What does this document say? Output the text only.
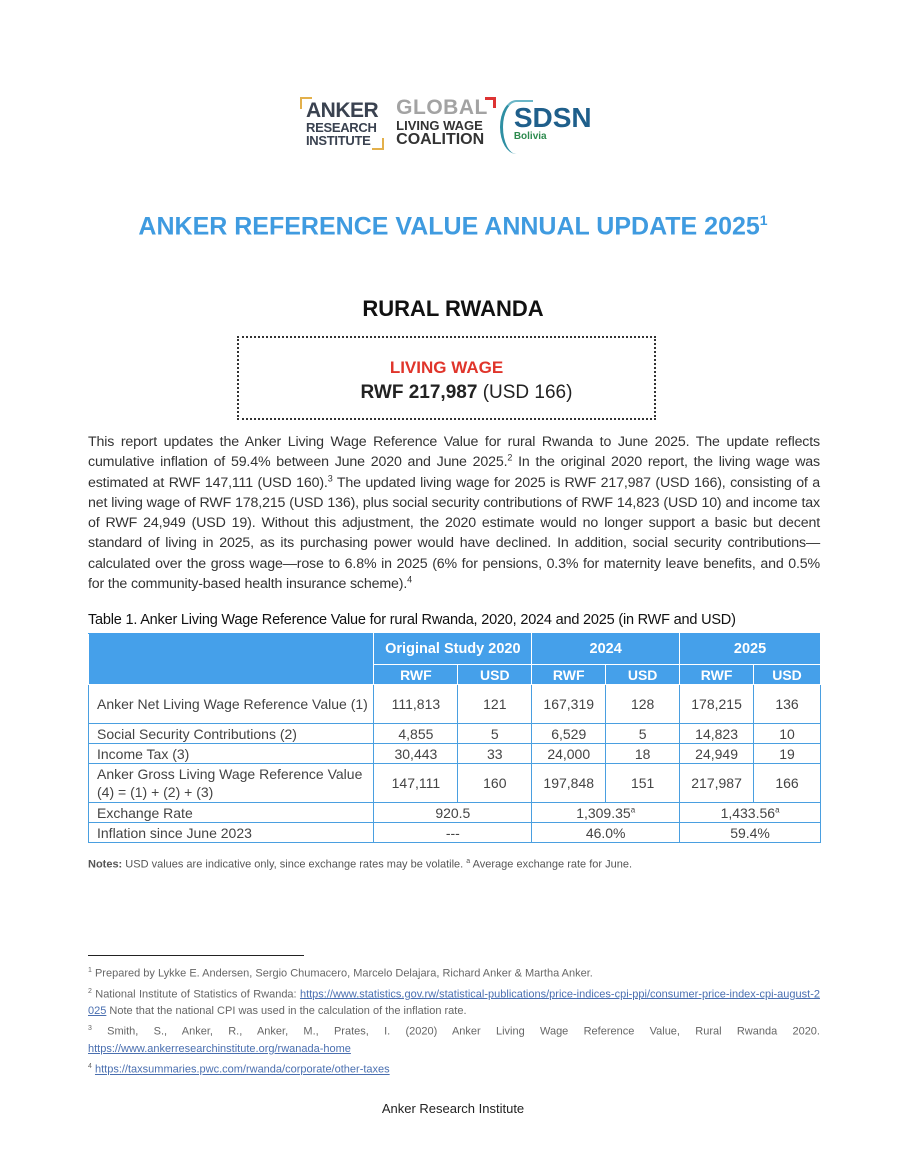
ANKER
RESEARCH
INSTITUTE
GLOBAL
LIVING WAGE
COALITION
SDSN
Bolivia
ANKER REFERENCE VALUE ANNUAL UPDATE 2025$^1$
RURAL RWANDA
LIVING WAGE
RWF 217,987 (USD 166)
This report updates the Anker Living Wage Reference Value for rural Rwanda to June 2025. The update reflects cumulative inflation of 59.4% between June 2020 and June 2025.$^2$ In the original 2020 report, the living wage was estimated at RWF 147,111 (USD 160).$^3$ The updated living wage for 2025 is RWF 217,987 (USD 166), consisting of a net living wage of RWF 178,215 (USD 136), plus social security contributions of RWF 14,823 (USD 10) and income tax of RWF 24,949 (USD 19). Without this adjustment, the 2020 estimate would no longer support a basic but decent standard of living in 2025, as its purchasing power would have declined. In addition, social security contributions—calculated over the gross wage—rose to 6.8% in 2025 (6% for pensions, 0.3% for maternity leave benefits, and 0.5% for the community-based health insurance scheme).$^4$
Table 1. Anker Living Wage Reference Value for rural Rwanda, 2020, 2024 and 2025 (in RWF and USD)
	Original Study 2020		2024		2025	
	RWF	USD	RWF	USD	RWF	USD
Anker Net Living Wage Reference Value (1)	111,813	121	167,319	128	178,215	136
Social Security Contributions (2)	4,855	5	6,529	5	14,823	10
Income Tax (3)	30,443	33	24,000	18	24,949	19
Anker Gross Living Wage Reference Value (4) = (1) + (2) + (3)	147,111	160	197,848	151	217,987	166
Exchange Rate	920.5		1,309.35$^a$		1,433.56$^a$
Inflation since June 2023	---		46.0%		59.4%	
Notes: USD values are indicative only, since exchange rates may be volatile. $^a$ Average exchange rate for June.
$^1$ Prepared by Lykke E. Andersen, Sergio Chumacero, Marcelo Delajara, Richard Anker & Martha Anker.
$^2$ National Institute of Statistics of Rwanda: https://www.statistics.gov.rw/statistical-publications/price-indices-cpi-ppi/consumer-price-index-cpi-august-2025 Note that the national CPI was used in the calculation of the inflation rate.
$^3$ Smith, S., Anker, R., Anker, M., Prates, I. (2020) Anker Living Wage Reference Value, Rural Rwanda 2020. https://www.ankerresearchinstitute.org/rwanada-home
$^4$ https://taxsummaries.pwc.com/rwanda/corporate/other-taxes
Anker Research Institute
